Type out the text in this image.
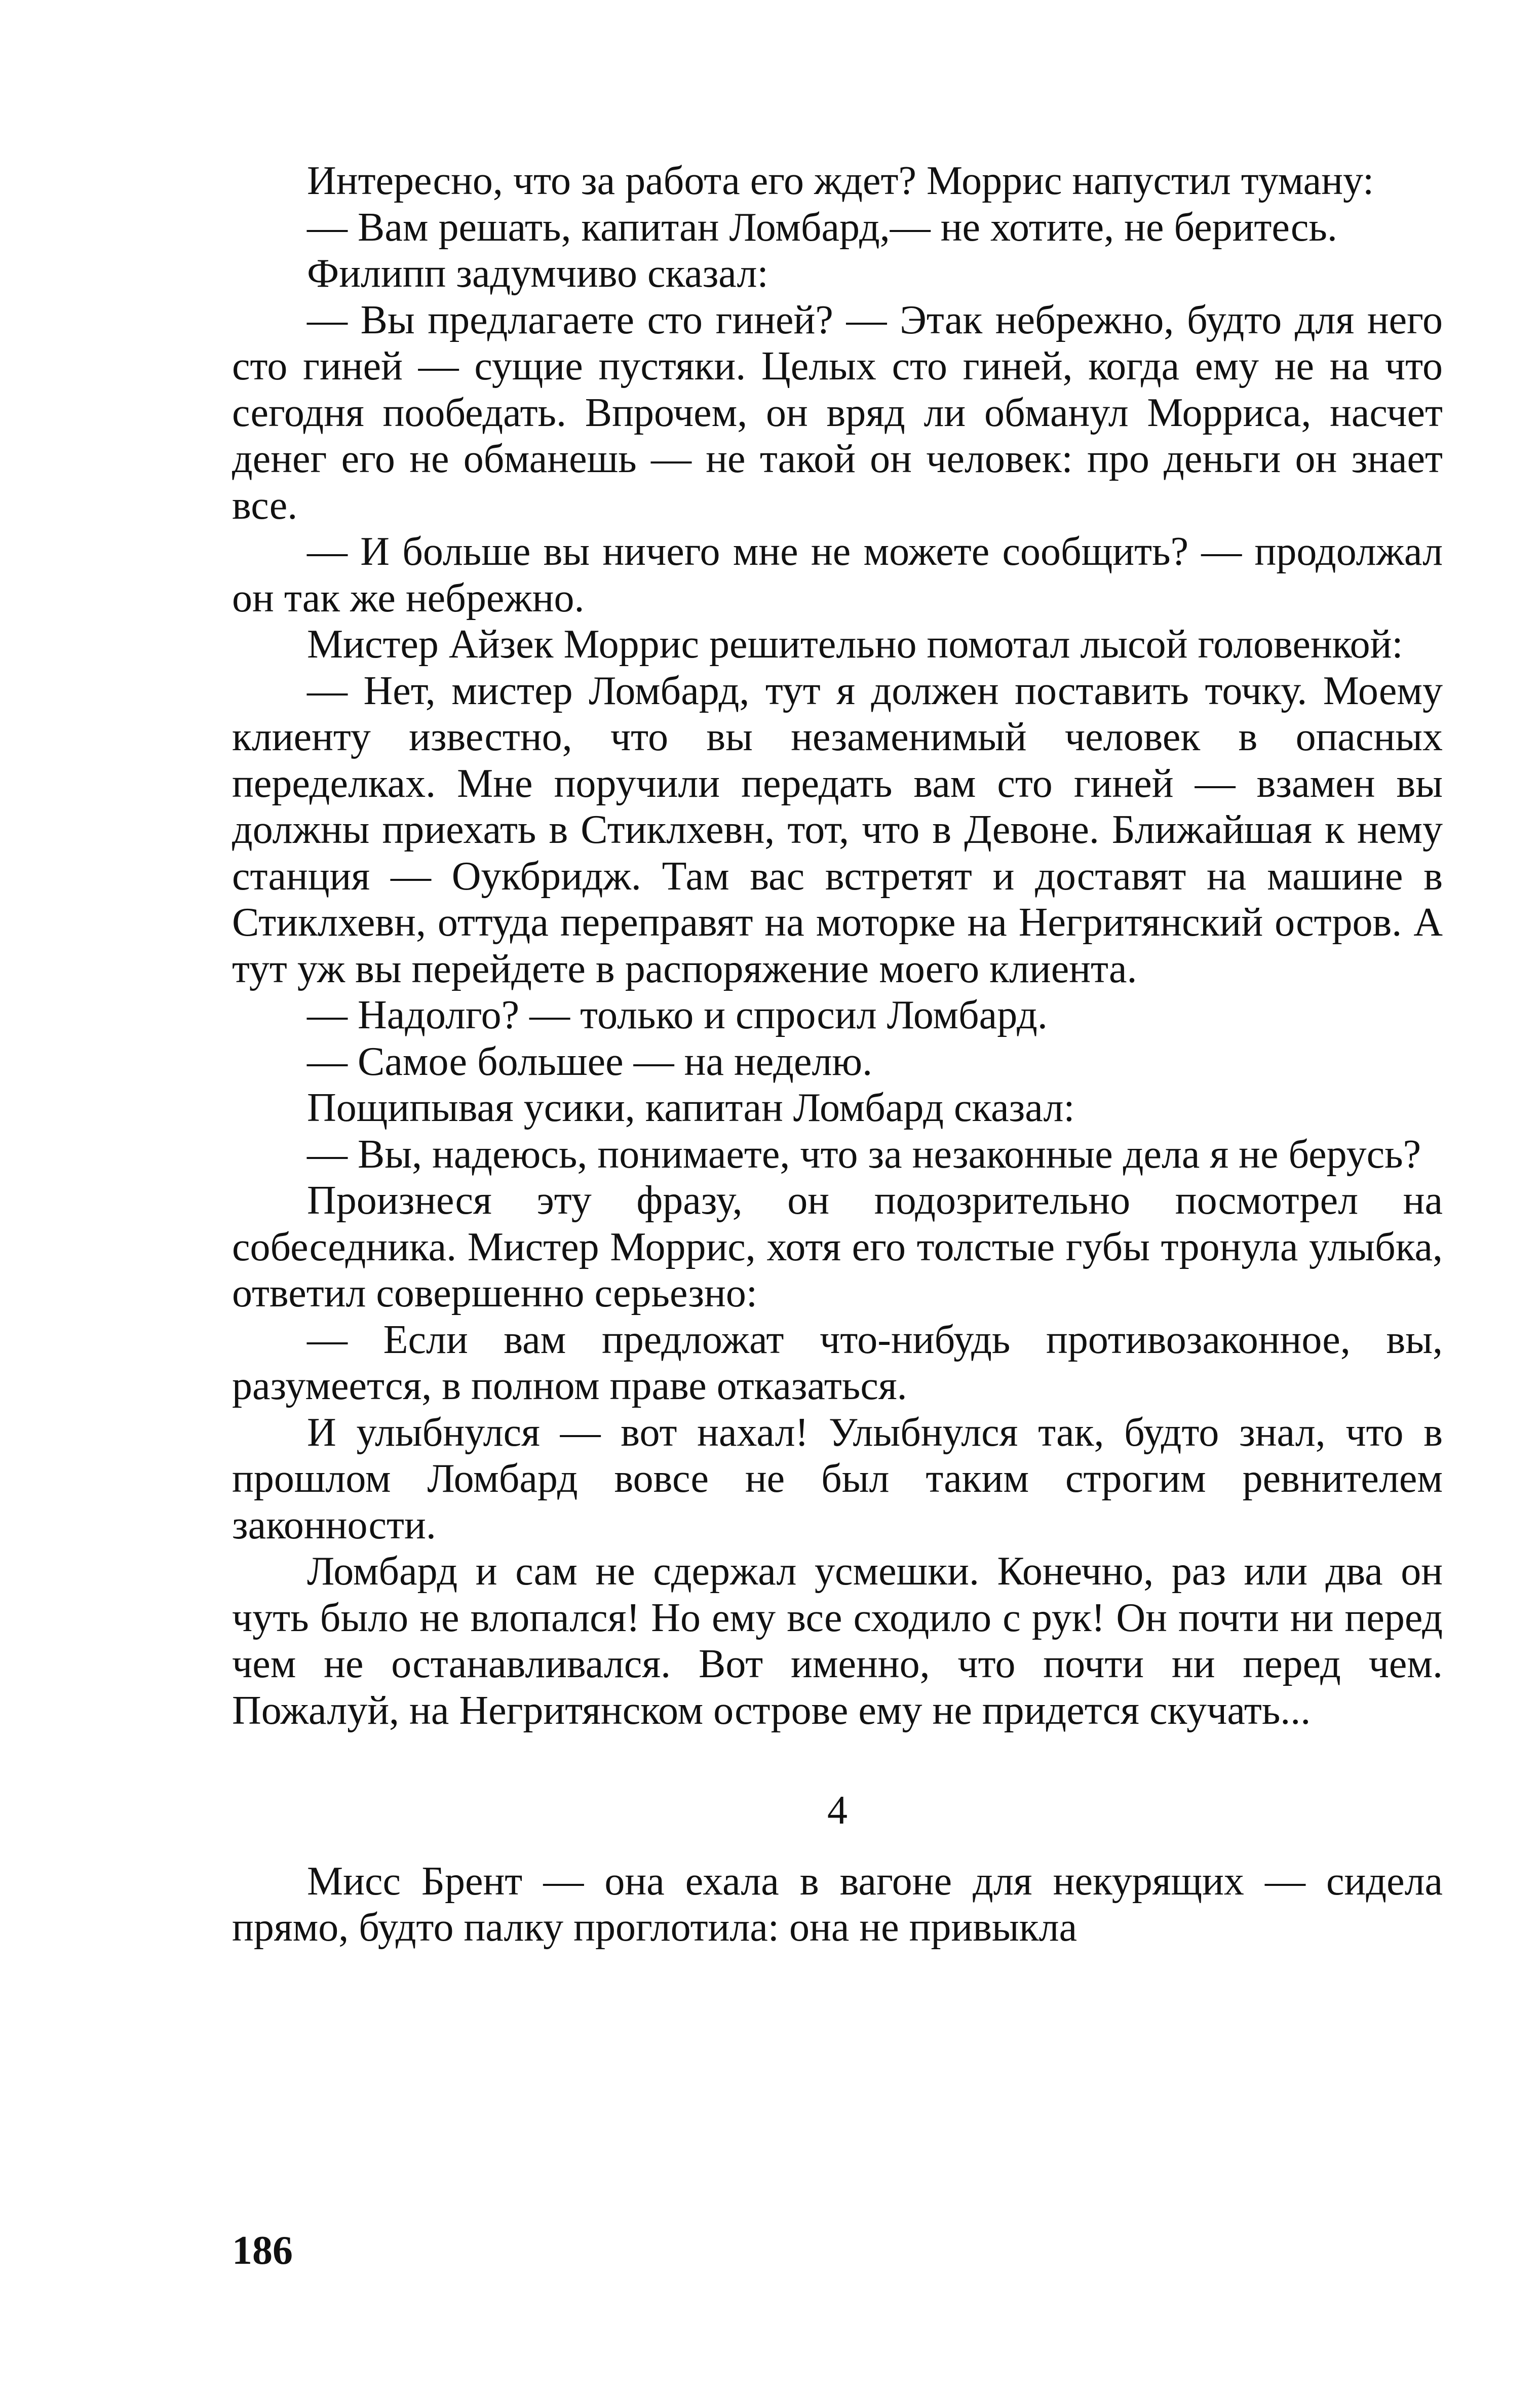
Интересно, что за работа его ждет? Моррис напустил туману:

— Вам решать, капитан Ломбард,— не хотите, не беритесь.

Филипп задумчиво сказал:

— Вы предлагаете сто гиней? — Этак небрежно, будто для него сто гиней — сущие пустяки. Целых сто гиней, когда ему не на что сегодня пообедать. Впрочем, он вряд ли обманул Морриса, насчет денег его не обманешь — не такой он человек: про деньги он знает все.

— И больше вы ничего мне не можете сообщить? — продолжал он так же небрежно.

Мистер Айзек Моррис решительно помотал лысой головенкой:

— Нет, мистер Ломбард, тут я должен поставить точку. Моему клиенту известно, что вы незаменимый человек в опасных переделках. Мне поручили передать вам сто гиней — взамен вы должны приехать в Стиклхевн, тот, что в Девоне. Ближайшая к нему станция — Оукбридж. Там вас встретят и доставят на машине в Стиклхевн, оттуда переправят на моторке на Негритянский остров. А тут уж вы перейдете в распоряжение моего клиента.

— Надолго? — только и спросил Ломбард.

— Самое большее — на неделю.

Пощипывая усики, капитан Ломбард сказал:

— Вы, надеюсь, понимаете, что за незаконные дела я не берусь?

Произнеся эту фразу, он подозрительно посмотрел на собеседника. Мистер Моррис, хотя его толстые губы тронула улыбка, ответил совершенно серьезно:

— Если вам предложат что-нибудь противозаконное, вы, разумеется, в полном праве отказаться.

И улыбнулся — вот нахал! Улыбнулся так, будто знал, что в прошлом Ломбард вовсе не был таким строгим ревнителем законности.

Ломбард и сам не сдержал усмешки. Конечно, раз или два он чуть было не влопался! Но ему все сходило с рук! Он почти ни перед чем не останавливался. Вот именно, что почти ни перед чем. Пожалуй, на Негритянском острове ему не придется скучать...

4

Мисс Брент — она ехала в вагоне для некурящих — сидела прямо, будто палку проглотила: она не привыкла

186
